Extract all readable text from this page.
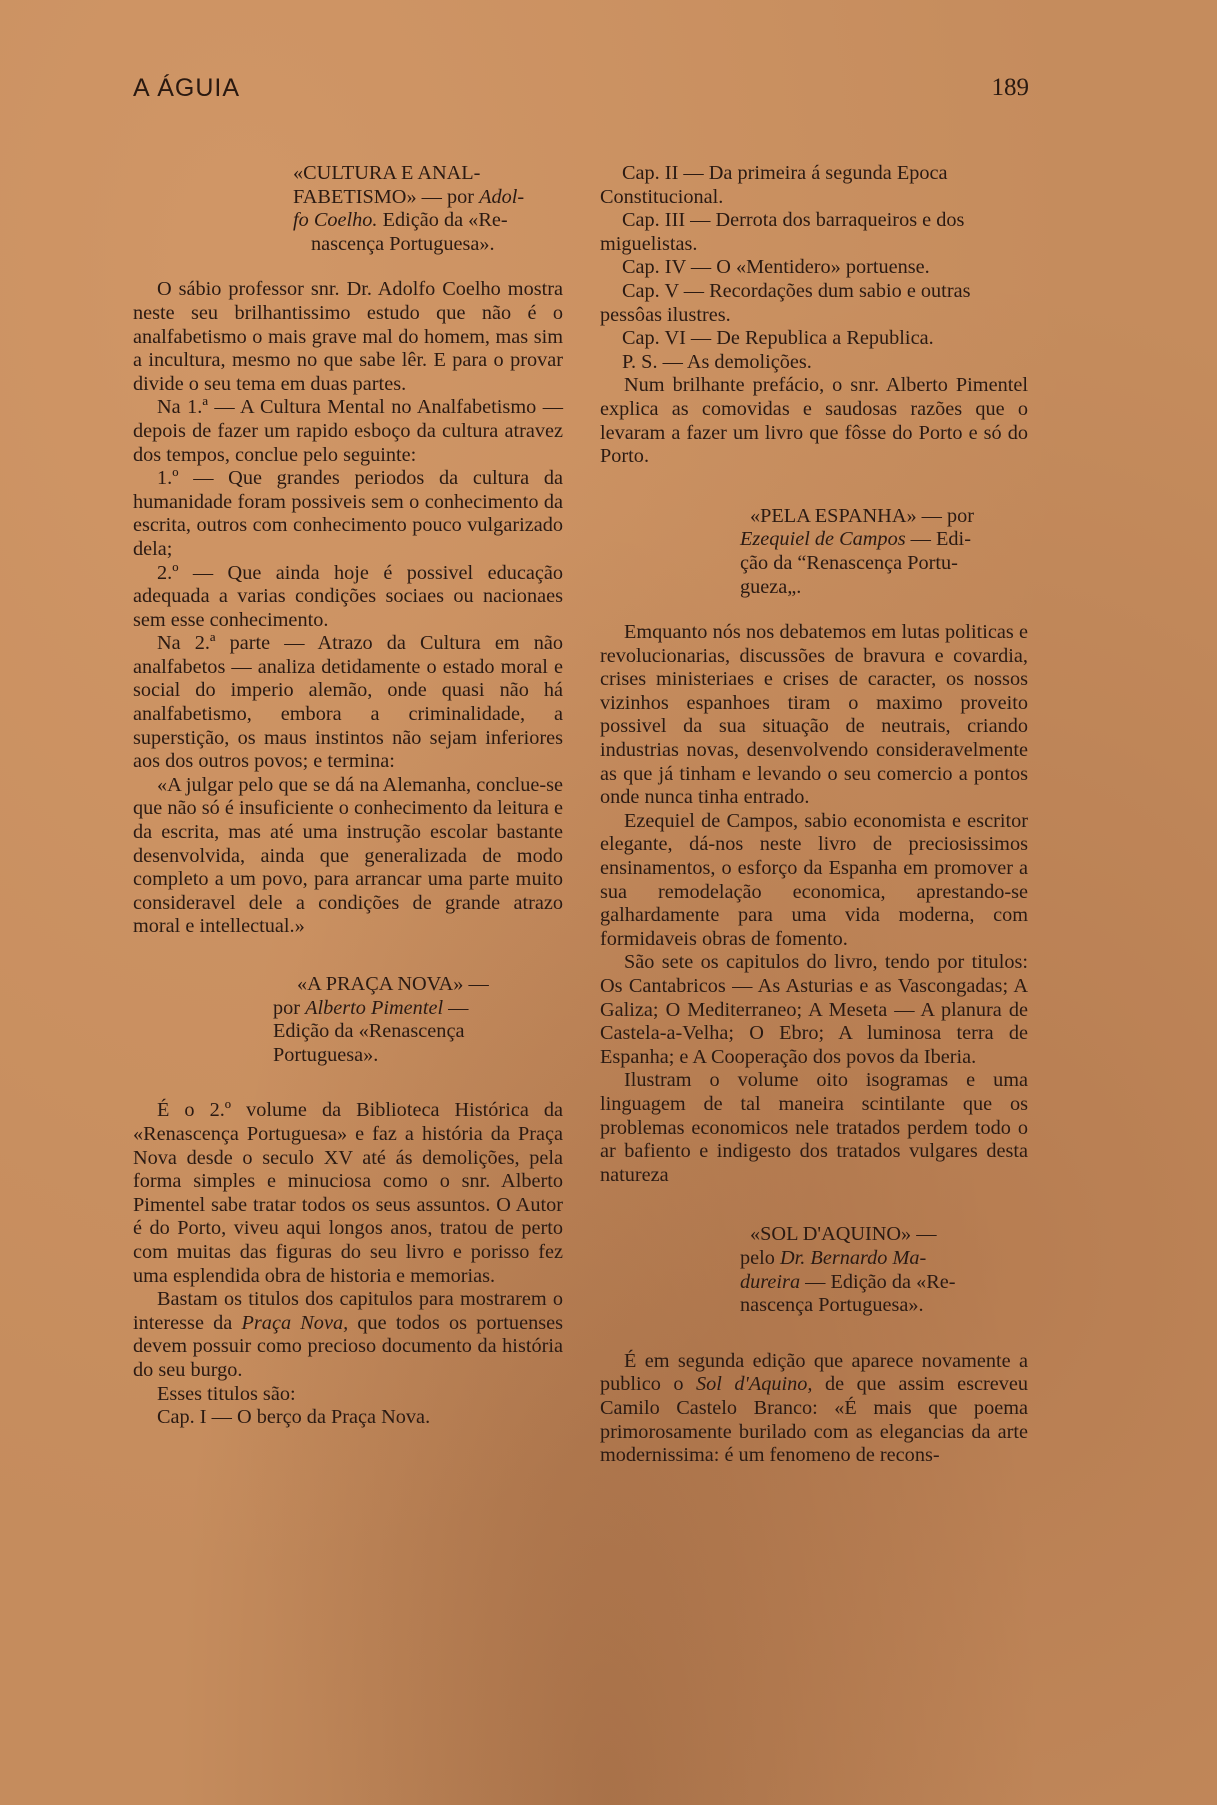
A ÁGUIA	189
«CULTURA E ANAL-
FABETISMO» — por Adol-
fo Coelho. Edição da «Re-
nascença Portuguesa».

O sábio professor snr. Dr. Adolfo Coelho mostra neste seu brilhantissimo estudo que não é o analfabetismo o mais grave mal do homem, mas sim a incultura, mesmo no que sabe lêr. E para o provar divide o seu tema em duas partes.

Na 1.ª — A Cultura Mental no Analfabetismo — depois de fazer um rapido esboço da cultura atravez dos tempos, conclue pelo seguinte:

1.º — Que grandes periodos da cultura da humanidade foram possiveis sem o conhecimento da escrita, outros com conhecimento pouco vulgarizado dela;

2.º — Que ainda hoje é possivel educação adequada a varias condições sociaes ou nacionaes sem esse conhecimento.

Na 2.ª parte — Atrazo da Cultura em não analfabetos — analiza detidamente o estado moral e social do imperio alemão, onde quasi não há analfabetismo, embora a criminalidade, a superstição, os maus instintos não sejam inferiores aos dos outros povos; e termina:

«A julgar pelo que se dá na Alemanha, conclue-se que não só é insuficiente o conhecimento da leitura e da escrita, mas até uma instrução escolar bastante desenvolvida, ainda que generalizada de modo completo a um povo, para arrancar uma parte muito consideravel dele a condições de grande atrazo moral e intellectual.»

«A PRAÇA NOVA» —
por Alberto Pimentel —
Edição da «Renascença
Portuguesa».

É o 2.º volume da Biblioteca Histórica da «Renascença Portuguesa» e faz a história da Praça Nova desde o seculo XV até ás demolições, pela forma simples e minuciosa como o snr. Alberto Pimentel sabe tratar todos os seus assuntos. O Autor é do Porto, viveu aqui longos anos, tratou de perto com muitas das figuras do seu livro e porisso fez uma esplendida obra de historia e memorias.

Bastam os titulos dos capitulos para mostrarem o interesse da Praça Nova, que todos os portuenses devem possuir como precioso documento da história do seu burgo.

Esses titulos são:

Cap. I — O berço da Praça Nova.

Cap. II — Da primeira á segunda Epoca Constitucional.

Cap. III — Derrota dos barraqueiros e dos miguelistas.

Cap. IV — O «Mentidero» portuense.

Cap. V — Recordações dum sabio e outras pessôas ilustres.

Cap. VI — De Republica a Republica.

P. S. — As demolições.

Num brilhante prefácio, o snr. Alberto Pimentel explica as comovidas e saudosas razões que o levaram a fazer um livro que fôsse do Porto e só do Porto.

«PELA ESPANHA» — por
Ezequiel de Campos — Edi-
ção da “Renascença Portu-
gueza„.

Emquanto nós nos debatemos em lutas politicas e revolucionarias, discussões de bravura e covardia, crises ministeriaes e crises de caracter, os nossos vizinhos espanhoes tiram o maximo proveito possivel da sua situação de neutrais, criando industrias novas, desenvolvendo consideravelmente as que já tinham e levando o seu comercio a pontos onde nunca tinha entrado.

Ezequiel de Campos, sabio economista e escritor elegante, dá-nos neste livro de preciosissimos ensinamentos, o esforço da Espanha em promover a sua remodelação economica, aprestando-se galhardamente para uma vida moderna, com formidaveis obras de fomento.

São sete os capitulos do livro, tendo por titulos: Os Cantabricos — As Asturias e as Vascongadas; A Galiza; O Mediterraneo; A Meseta — A planura de Castela-a-Velha; O Ebro; A luminosa terra de Espanha; e A Cooperação dos povos da Iberia.

Ilustram o volume oito isogramas e uma linguagem de tal maneira scintilante que os problemas economicos nele tratados perdem todo o ar bafiento e indigesto dos tratados vulgares desta natureza

«SOL D'AQUINO» —
pelo Dr. Bernardo Ma-
dureira — Edição da «Re-
nascença Portuguesa».

É em segunda edição que aparece novamente a publico o Sol d'Aquino, de que assim escreveu Camilo Castelo Branco: «É mais que poema primorosamente burilado com as elegancias da arte modernissima: é um fenomeno de recons-
